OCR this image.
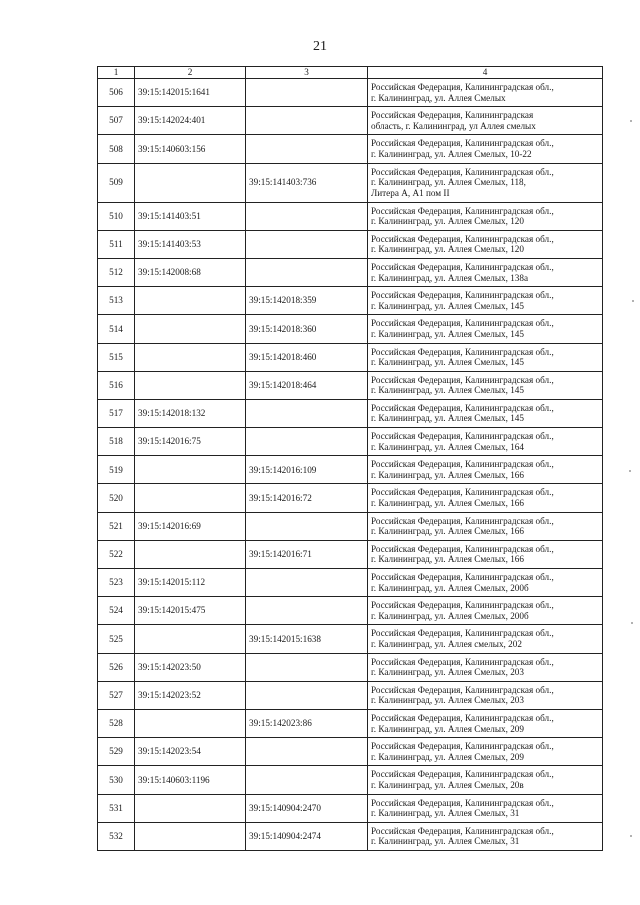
21
1	2	3	4
506	39:15:142015:1641		Российская Федерация, Калининградская обл.,
г. Калининград, ул. Аллея Смелых

507	39:15:142024:401		Российская Федерация, Калининградская
область, г. Калининград, ул Аллея смелых

508	39:15:140603:156		Российская Федерация, Калининградская обл.,
г. Калининград, ул. Аллея Смелых, 10-22

509		39:15:141403:736	Российская Федерация, Калининградская обл.,
г. Калининград, ул. Аллея Смелых, 118,
Литера А, А1 пом II

510	39:15:141403:51		Российская Федерация, Калининградская обл.,
г. Калининград, ул. Аллея Смелых, 120

511	39:15:141403:53		Российская Федерация, Калининградская обл.,
г. Калининград, ул. Аллея Смелых, 120

512	39:15:142008:68		Российская Федерация, Калининградская обл.,
г. Калининград, ул. Аллея Смелых, 138а

513		39:15:142018:359	Российская Федерация, Калининградская обл.,
г. Калининград, ул. Аллея Смелых, 145

514		39:15:142018:360	Российская Федерация, Калининградская обл.,
г. Калининград, ул. Аллея Смелых, 145

515		39:15:142018:460	Российская Федерация, Калининградская обл.,
г. Калининград, ул. Аллея Смелых, 145

516		39:15:142018:464	Российская Федерация, Калининградская обл.,
г. Калининград, ул. Аллея Смелых, 145

517	39:15:142018:132		Российская Федерация, Калининградская обл.,
г. Калининград, ул. Аллея Смелых, 145

518	39:15:142016:75		Российская Федерация, Калининградская обл.,
г. Калининград, ул. Аллея Смелых, 164

519		39:15:142016:109	Российская Федерация, Калининградская обл.,
г. Калининград, ул. Аллея Смелых, 166

520		39:15:142016:72	Российская Федерация, Калининградская обл.,
г. Калининград, ул. Аллея Смелых, 166

521	39:15:142016:69		Российская Федерация, Калининградская обл.,
г. Калининград, ул. Аллея Смелых, 166

522		39:15:142016:71	Российская Федерация, Калининградская обл.,
г. Калининград, ул. Аллея Смелых, 166

523	39:15:142015:112		Российская Федерация, Калининградская обл.,
г. Калининград, ул. Аллея Смелых, 200б

524	39:15:142015:475		Российская Федерация, Калининградская обл.,
г. Калининград, ул. Аллея Смелых, 200б

525		39:15:142015:1638	Российская Федерация, Калининградская обл.,
г. Калининград, ул. Аллея смелых, 202

526	39:15:142023:50		Российская Федерация, Калининградская обл.,
г. Калининград, ул. Аллея Смелых, 203

527	39:15:142023:52		Российская Федерация, Калининградская обл.,
г. Калининград, ул. Аллея Смелых, 203

528		39:15:142023:86	Российская Федерация, Калининградская обл.,
г. Калининград, ул. Аллея Смелых, 209

529	39:15:142023:54		Российская Федерация, Калининградская обл.,
г. Калининград, ул. Аллея Смелых, 209

530	39:15:140603:1196		Российская Федерация, Калининградская обл.,
г. Калининград, ул. Аллея Смелых, 20в

531		39:15:140904:2470	Российская Федерация, Калининградская обл.,
г. Калининград, ул. Аллея Смелых, 31

532		39:15:140904:2474	Российская Федерация, Калининградская обл.,
г. Калининград, ул. Аллея Смелых, 31
